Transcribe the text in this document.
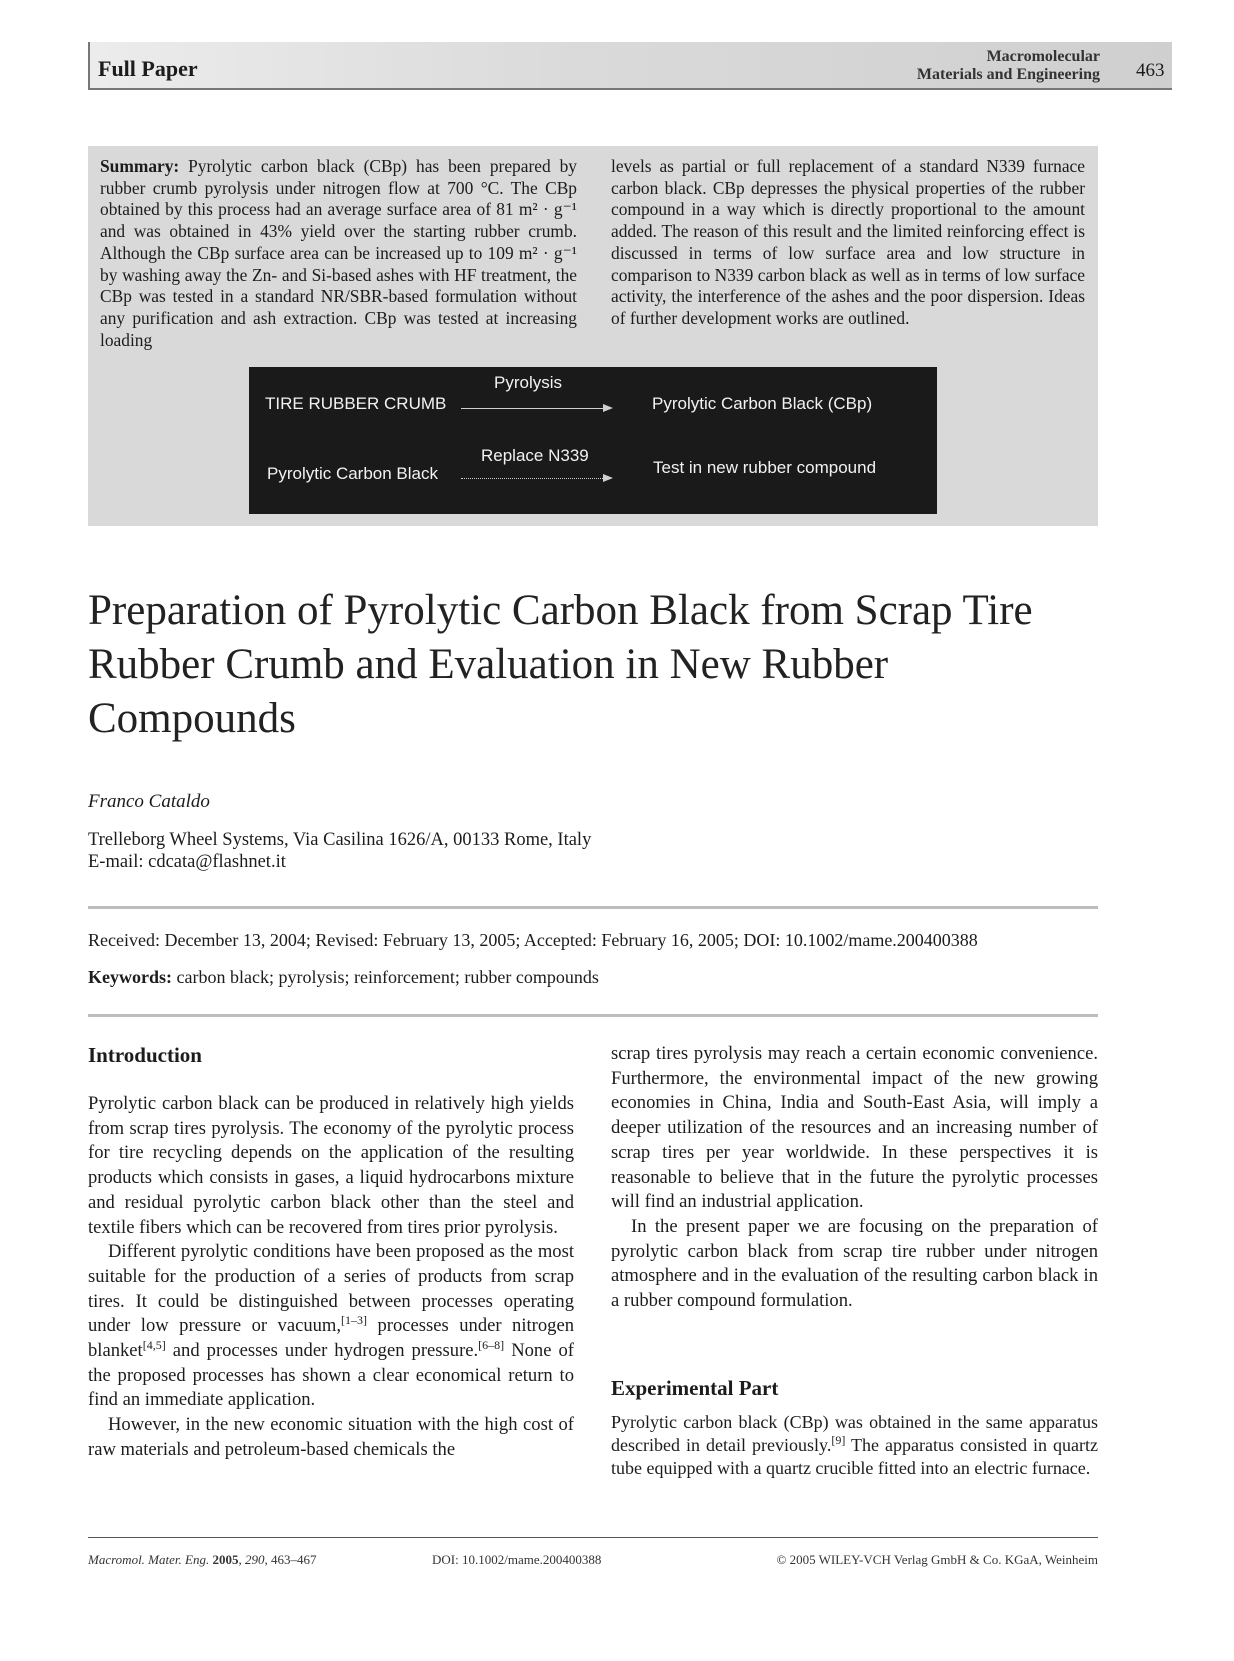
Full Paper	Macromolecular
Materials and Engineering 463
Summary: Pyrolytic carbon black (CBp) has been prepared by rubber crumb pyrolysis under nitrogen flow at 700 °C. The CBp obtained by this process had an average surface area of 81 m² · g⁻¹ and was obtained in 43% yield over the starting rubber crumb. Although the CBp surface area can be increased up to 109 m² · g⁻¹ by washing away the Zn- and Si-based ashes with HF treatment, the CBp was tested in a standard NR/SBR-based formulation without any purification and ash extraction. CBp was tested at increasing loading
levels as partial or full replacement of a standard N339 furnace carbon black. CBp depresses the physical properties of the rubber compound in a way which is directly proportional to the amount added. The reason of this result and the limited reinforcing effect is discussed in terms of low surface area and low structure in comparison to N339 carbon black as well as in terms of low surface activity, the interference of the ashes and the poor dispersion. Ideas of further development works are outlined.
TIRE RUBBER CRUMB
Pyrolysis
Pyrolytic Carbon Black (CBp)
Pyrolytic Carbon Black
Replace N339
Test in new rubber compound
Preparation of Pyrolytic Carbon Black from Scrap Tire Rubber Crumb and Evaluation in New Rubber Compounds
Franco Cataldo
Trelleborg Wheel Systems, Via Casilina 1626/A, 00133 Rome, Italy
E-mail: cdcata@flashnet.it
Received: December 13, 2004; Revised: February 13, 2005; Accepted: February 16, 2005; DOI: 10.1002/mame.200400388
Keywords: carbon black; pyrolysis; reinforcement; rubber compounds
Introduction

Pyrolytic carbon black can be produced in relatively high yields from scrap tires pyrolysis. The economy of the pyrolytic process for tire recycling depends on the application of the resulting products which consists in gases, a liquid hydrocarbons mixture and residual pyrolytic carbon black other than the steel and textile fibers which can be recovered from tires prior pyrolysis.

Different pyrolytic conditions have been proposed as the most suitable for the production of a series of products from scrap tires. It could be distinguished between processes operating under low pressure or vacuum,[1–3] processes under nitrogen blanket[4,5] and processes under hydrogen pressure.[6–8] None of the proposed processes has shown a clear economical return to find an immediate application.

However, in the new economic situation with the high cost of raw materials and petroleum-based chemicals the

scrap tires pyrolysis may reach a certain economic convenience. Furthermore, the environmental impact of the new growing economies in China, India and South-East Asia, will imply a deeper utilization of the resources and an increasing number of scrap tires per year worldwide. In these perspectives it is reasonable to believe that in the future the pyrolytic processes will find an industrial application.

In the present paper we are focusing on the preparation of pyrolytic carbon black from scrap tire rubber under nitrogen atmosphere and in the evaluation of the resulting carbon black in a rubber compound formulation.

Experimental Part
Pyrolytic carbon black (CBp) was obtained in the same apparatus described in detail previously.[9] The apparatus consisted in quartz tube equipped with a quartz crucible fitted into an electric furnace.
Macromol. Mater. Eng. 2005, 290, 463–467	DOI: 10.1002/mame.200400388	© 2005 WILEY-VCH Verlag GmbH & Co. KGaA, Weinheim
